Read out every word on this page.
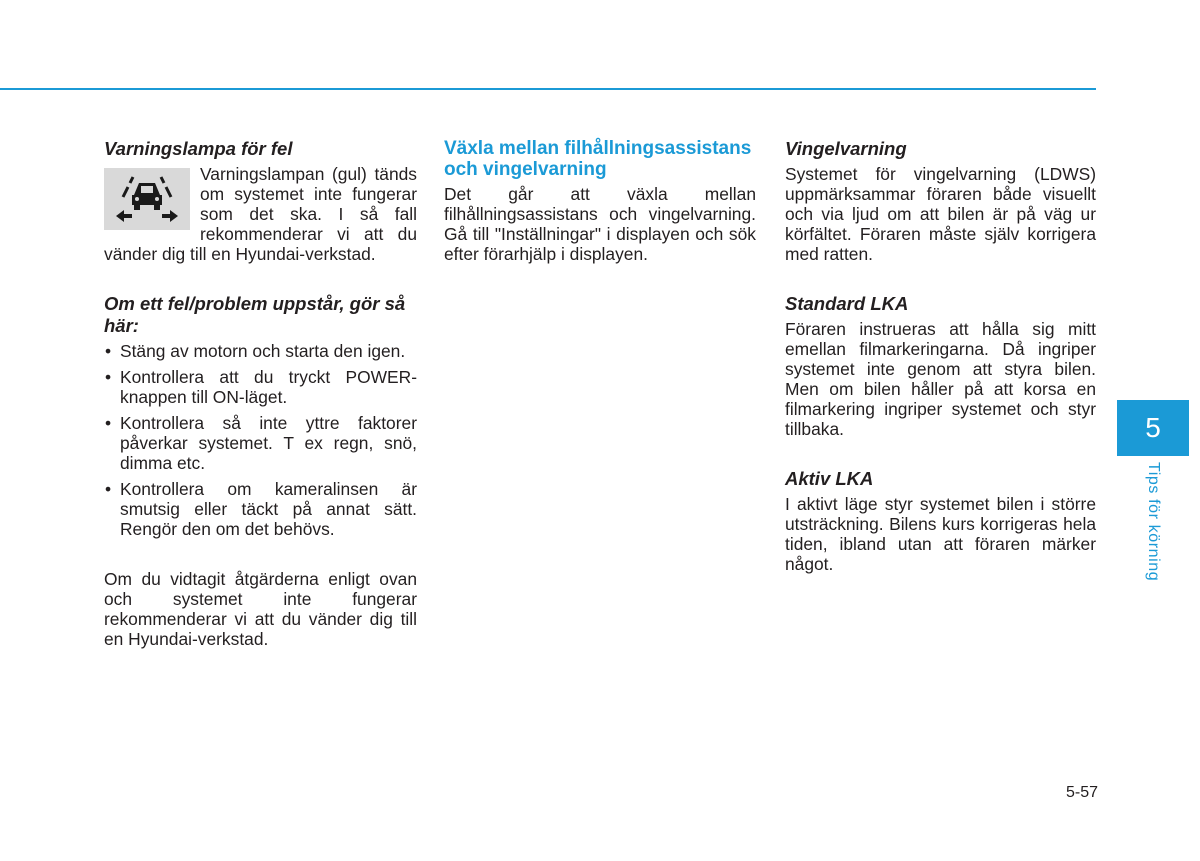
Varningslampa för fel

Varningslampan (gul) tänds om systemet inte fungerar som det ska. I så fall rekommenderar vi att du vänder dig till en Hyundai-verkstad.

Om ett fel/problem uppstår, gör så här:
• Stäng av motorn och starta den igen.
• Kontrollera att du tryckt POWER-knappen till ON-läget.
• Kontrollera så inte yttre faktorer påverkar systemet. T ex regn, snö, dimma etc.
• Kontrollera om kameralinsen är smutsig eller täckt på annat sätt. Rengör den om det behövs.

Om du vidtagit åtgärderna enligt ovan och systemet inte fungerar rekommenderar vi att du vänder dig till en Hyundai-verkstad.

Växla mellan filhållningsassistans och vingelvarning

Det går att växla mellan filhållningsassistans och vingelvarning. Gå till "Inställningar" i displayen och sök efter förarhjälp i displayen.

Vingelvarning

Systemet för vingelvarning (LDWS) uppmärksammar föraren både visuellt och via ljud om att bilen är på väg ur körfältet. Föraren måste själv korrigera med ratten.

Standard LKA

Föraren instrueras att hålla sig mitt emellan filmarkeringarna. Då ingriper systemet inte genom att styra bilen. Men om bilen håller på att korsa en filmarkering ingriper systemet och styr tillbaka.

Aktiv LKA

I aktivt läge styr systemet bilen i större utsträckning. Bilens kurs korrigeras hela tiden, ibland utan att föraren märker något.

5
Tips för körning
5-57
